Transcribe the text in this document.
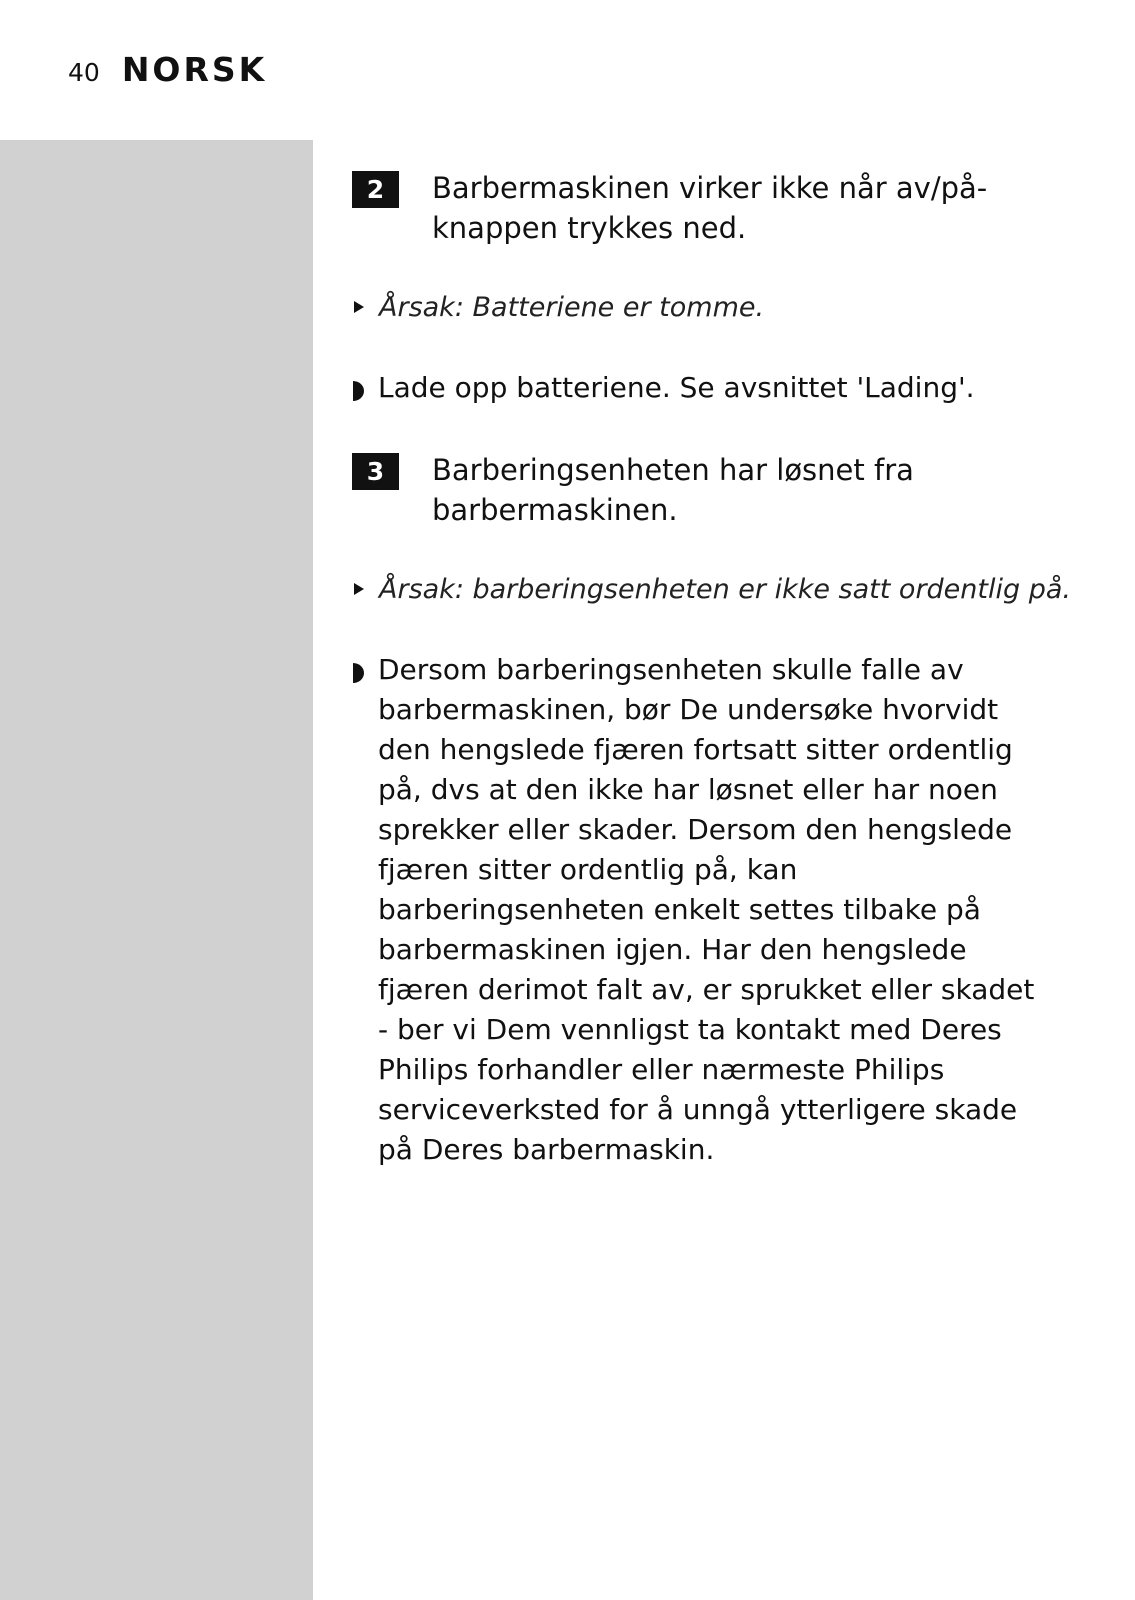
40 NORSK
2	Barbermaskinen virker ikke når av/på-
knappen trykkes ned.
Årsak: Batteriene er tomme.
Lade opp batteriene. Se avsnittet 'Lading'.
3	Barberingsenheten har løsnet fra
barbermaskinen.
Årsak: barberingsenheten er ikke satt ordentlig på.
Dersom barberingsenheten skulle falle av
barbermaskinen, bør De undersøke hvorvidt
den hengslede fjæren fortsatt sitter ordentlig
på, dvs at den ikke har løsnet eller har noen
sprekker eller skader. Dersom den hengslede
fjæren sitter ordentlig på, kan
barberingsenheten enkelt settes tilbake på
barbermaskinen igjen. Har den hengslede
fjæren derimot falt av, er sprukket eller skadet
- ber vi Dem vennligst ta kontakt med Deres
Philips forhandler eller nærmeste Philips
serviceverksted for å unngå ytterligere skade
på Deres barbermaskin.
